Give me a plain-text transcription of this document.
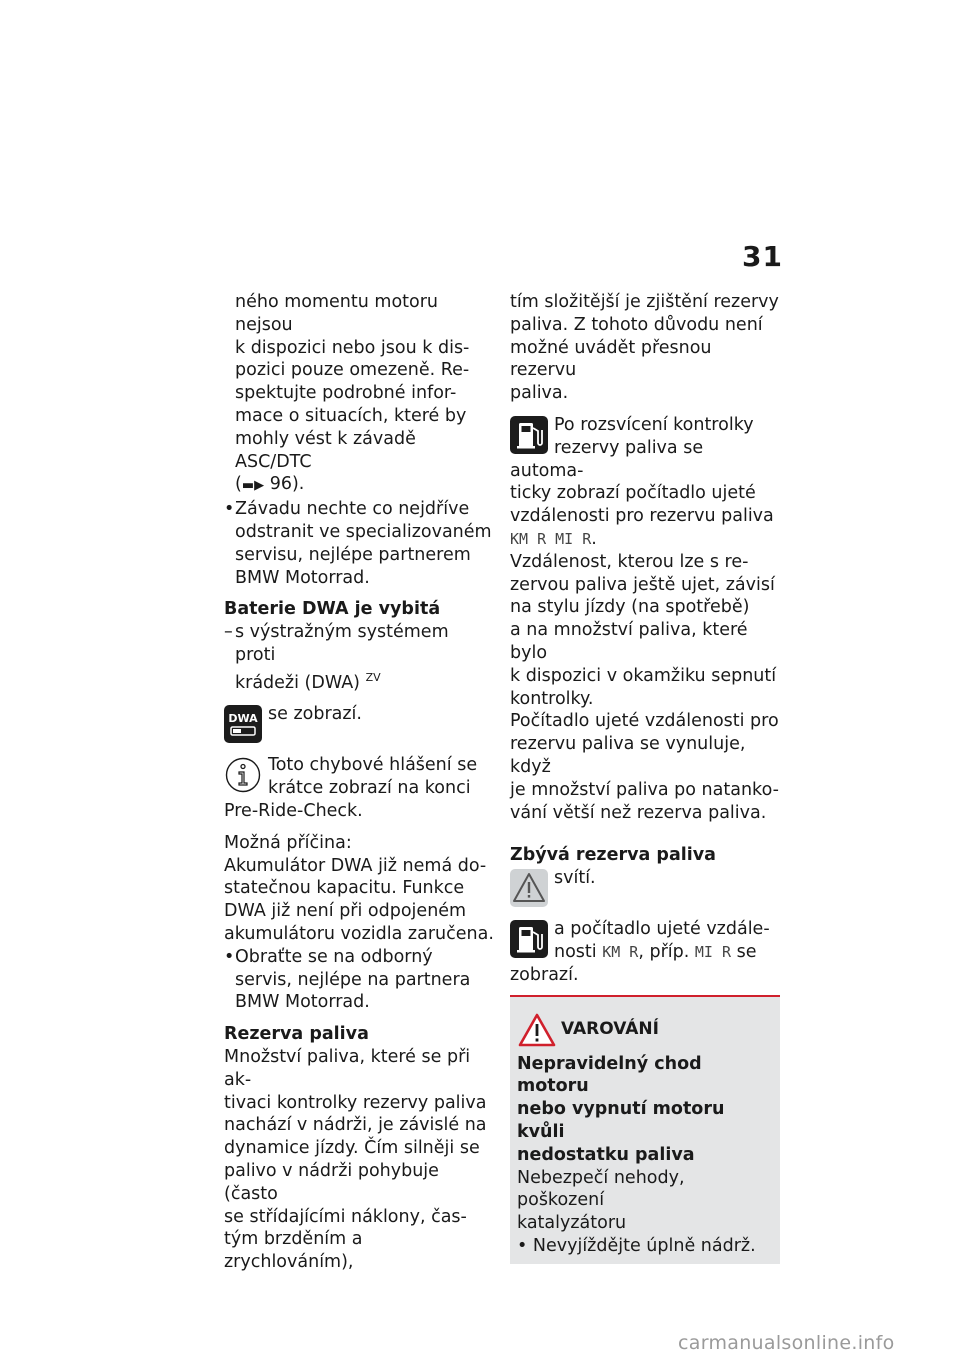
31

ného momentu motoru nejsou

k dispozici nebo jsou k dis-

pozici pouze omezeně. Re-

spektujte podrobné infor-

mace o situacích, které by

mohly vést k závadě ASC/DTC

(▬▶ 96).

• Závadu nechte co nejdříve

odstranit ve specializovaném

servisu, nejlépe partnerem

BMW Motorrad.

Baterie DWA je vybitá

– s výstražným systémem proti

krádeži (DWA) $^{ZV}$

DWA se zobrazí.

Toto chybové hlášení se

krátce zobrazí na konci

Pre-Ride-Check.

Možná příčina:

Akumulátor DWA již nemá do-

statečnou kapacitu. Funkce

DWA již není při odpojeném

akumulátoru vozidla zaručena.

• Obraťte se na odborný

servis, nejlépe na partnera

BMW Motorrad.

Rezerva paliva

Množství paliva, které se při ak-

tivaci kontrolky rezervy paliva

nachází v nádrži, je závislé na

dynamice jízdy. Čím silněji se

palivo v nádrži pohybuje (často

se střídajícími náklony, čas-

tým brzděním a zrychlováním),

tím složitější je zjištění rezervy

paliva. Z tohoto důvodu není

možné uvádět přesnou rezervu

paliva.

Po rozsvícení kontrolky

rezervy paliva se automa-

ticky zobrazí počítadlo ujeté

vzdálenosti pro rezervu paliva

KM R MI R.

Vzdálenost, kterou lze s re-

zervou paliva ještě ujet, závisí

na stylu jízdy (na spotřebě)

a na množství paliva, které bylo

k dispozici v okamžiku sepnutí

kontrolky.

Počítadlo ujeté vzdálenosti pro

rezervu paliva se vynuluje, když

je množství paliva po natanko-

vání větší než rezerva paliva.

Zbývá rezerva paliva

svítí.

a počítadlo ujeté vzdále-

nosti KM R, příp. MI R se

zobrazí.

VAROVÁNÍ

Nepravidelný chod motoru

nebo vypnutí motoru kvůli

nedostatku paliva

Nebezpečí nehody, poškození

katalyzátoru

• Nevyjíždějte úplně nádrž.

carmanualsonline.info
